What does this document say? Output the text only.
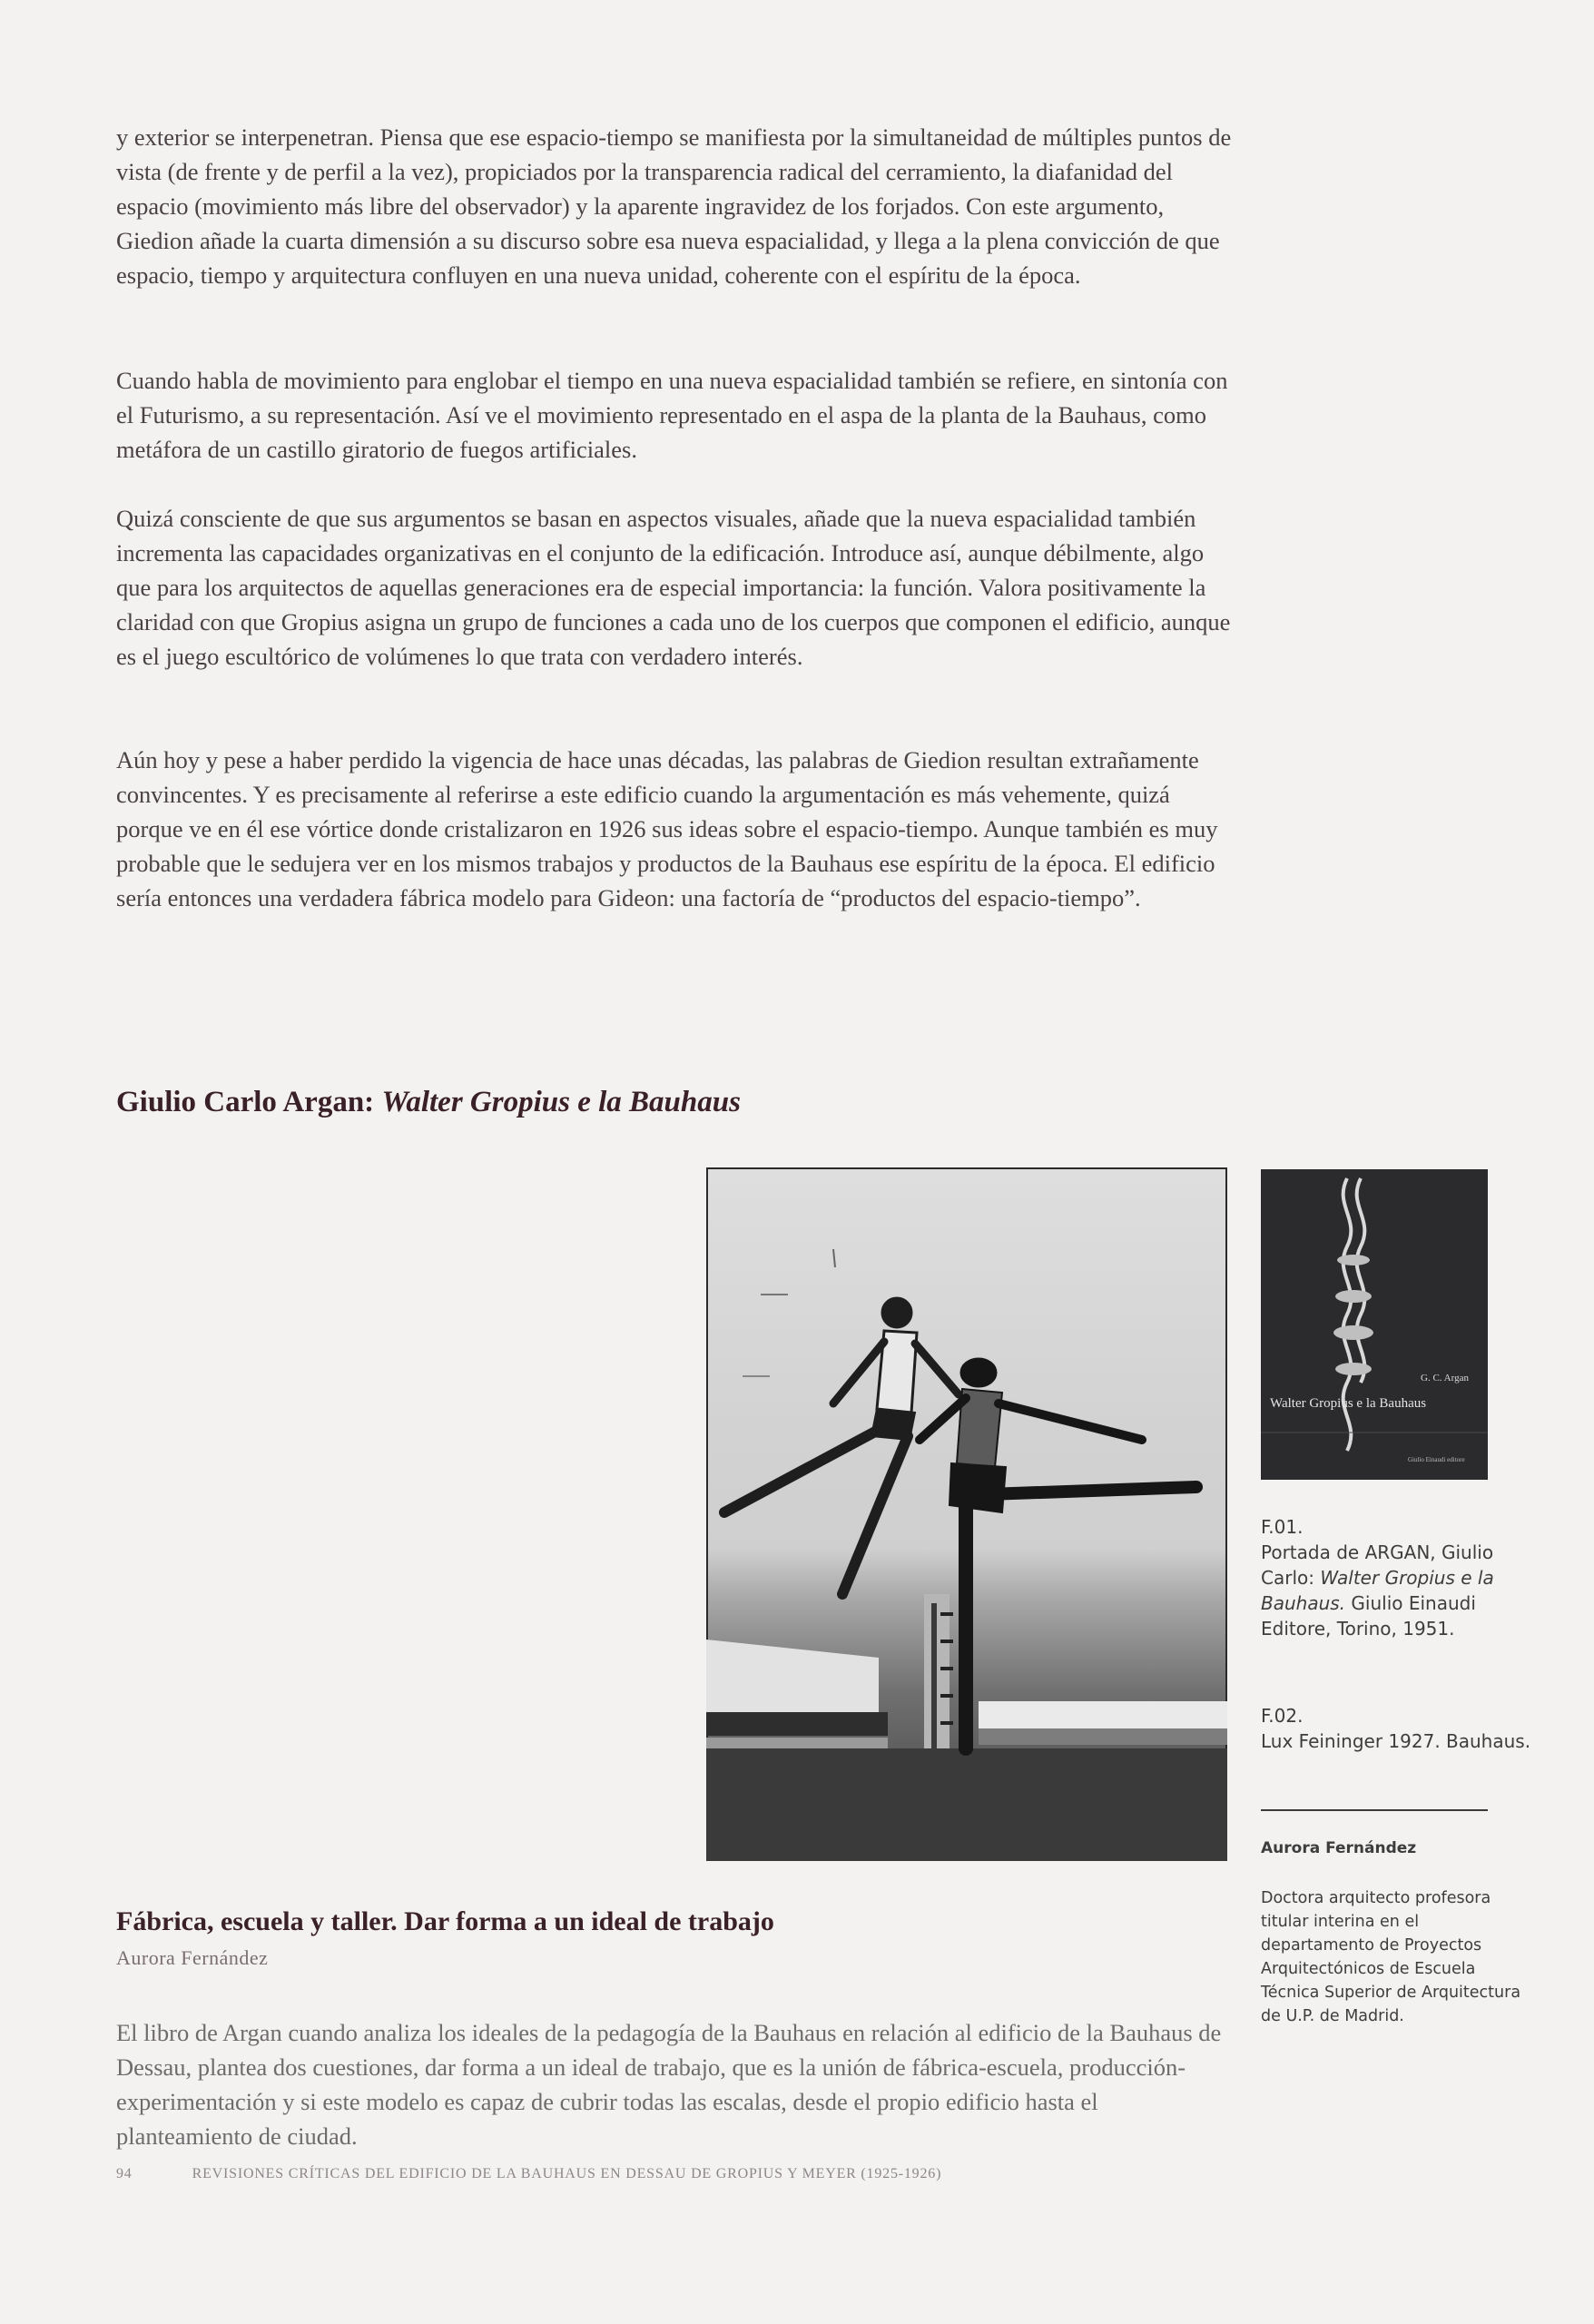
y exterior se interpenetran. Piensa que ese espacio-tiempo se manifiesta por la simultaneidad de múltiples puntos de vista (de frente y de perfil a la vez), propiciados por la transparencia radical del cerramiento, la diafanidad del espacio (movimiento más libre del observador) y la aparente ingravidez de los forjados. Con este argumento, Giedion añade la cuarta dimensión a su discurso sobre esa nueva espacialidad, y llega a la plena convicción de que espacio, tiempo y arquitectura confluyen en una nueva unidad, coherente con el espíritu de la época.

Cuando habla de movimiento para englobar el tiempo en una nueva espacialidad también se refiere, en sintonía con el Futurismo, a su representación. Así ve el movimiento representado en el aspa de la planta de la Bauhaus, como metáfora de un castillo giratorio de fuegos artificiales.

Quizá consciente de que sus argumentos se basan en aspectos visuales, añade que la nueva espacialidad también incrementa las capacidades organizativas en el conjunto de la edificación. Introduce así, aunque débilmente, algo que para los arquitectos de aquellas generaciones era de especial importancia: la función. Valora positivamente la claridad con que Gropius asigna un grupo de funciones a cada uno de los cuerpos que componen el edificio, aunque es el juego escultórico de volúmenes lo que trata con verdadero interés.

Aún hoy y pese a haber perdido la vigencia de hace unas décadas, las palabras de Giedion resultan extrañamente convincentes. Y es precisamente al referirse a este edificio cuando la argumentación es más vehemente, quizá porque ve en él ese vórtice donde cristalizaron en 1926 sus ideas sobre el espacio-tiempo. Aunque también es muy probable que le sedujera ver en los mismos trabajos y productos de la Bauhaus ese espíritu de la época. El edificio sería entonces una verdadera fábrica modelo para Gideon: una factoría de “productos del espacio-tiempo”.

Giulio Carlo Argan: Walter Gropius e la Bauhaus
G. C. Argan
Walter Gropius e la Bauhaus
Giulio Einaudi editore
F.01.
Portada de ARGAN, Giulio Carlo: Walter Gropius e la Bauhaus. Giulio Einaudi Editore, Torino, 1951.
F.02.
Lux Feininger 1927. Bauhaus.
Aurora Fernández
Doctora arquitecto profesora titular interina en el departamento de Proyectos Arquitectónicos de Escuela Técnica Superior de Arquitectura de U.P. de Madrid.
Fábrica, escuela y taller. Dar forma a un ideal de trabajo
Aurora Fernández

El libro de Argan cuando analiza los ideales de la pedagogía de la Bauhaus en relación al edificio de la Bauhaus de Dessau, plantea dos cuestiones, dar forma a un ideal de trabajo, que es la unión de fábrica-escuela, producción-experimentación y si este modelo es capaz de cubrir todas las escalas, desde el propio edificio hasta el planteamiento de ciudad.

94	REVISIONES CRÍTICAS DEL EDIFICIO DE LA BAUHAUS EN DESSAU DE GROPIUS Y MEYER (1925-1926)
